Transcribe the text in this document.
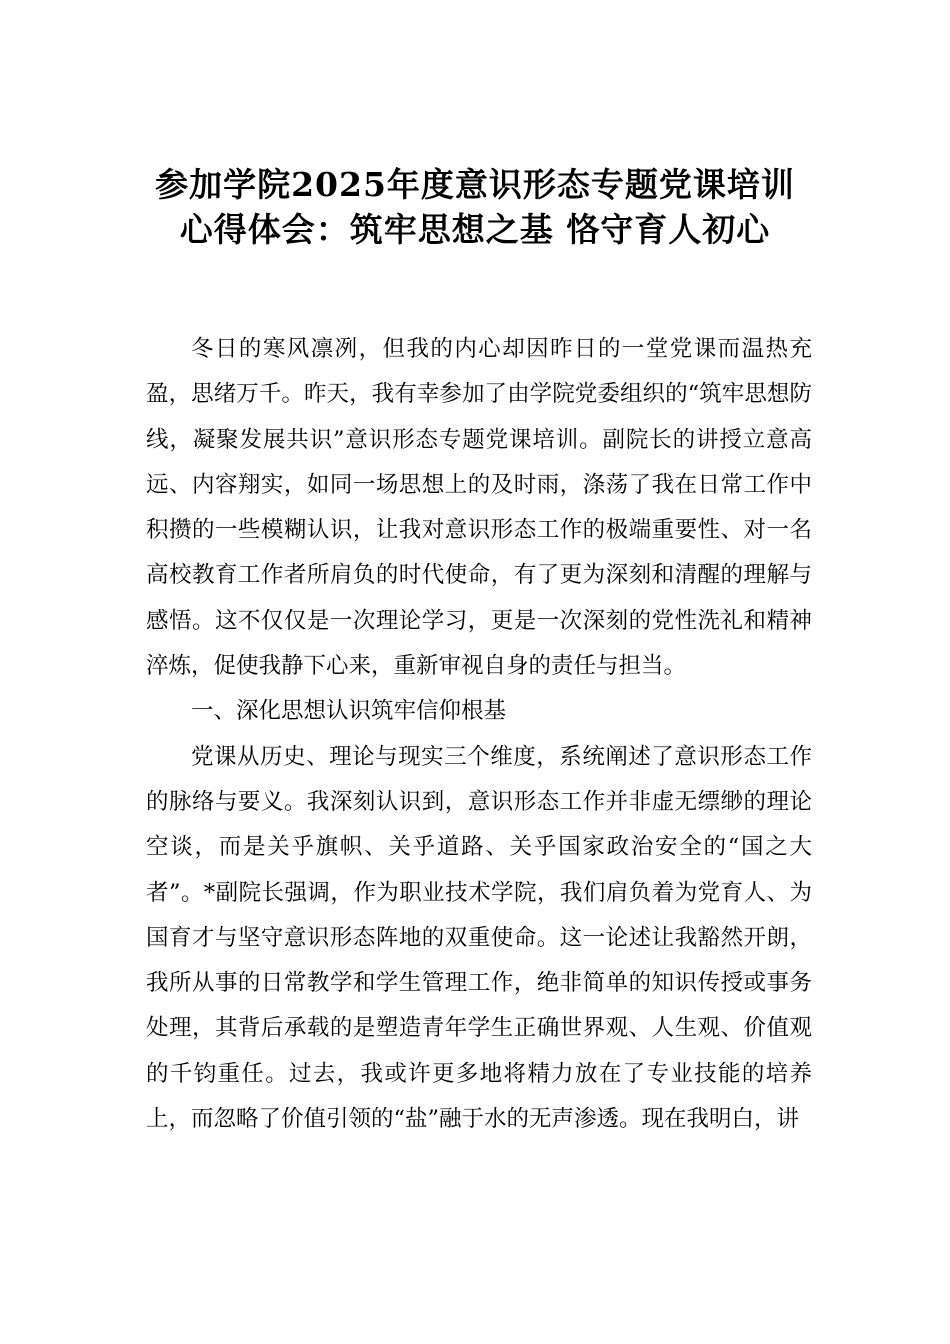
参加学院2025年度意识形态专题党课培训
心得体会：筑牢思想之基 恪守育人初心

冬日的寒风凛冽，但我的内心却因昨日的一堂党课而温热充盈，思绪万千。昨天，我有幸参加了由学院党委组织的“筑牢思想防线，凝聚发展共识”意识形态专题党课培训。副院长的讲授立意高远、内容翔实，如同一场思想上的及时雨，涤荡了我在日常工作中积攒的一些模糊认识，让我对意识形态工作的极端重要性、对一名高校教育工作者所肩负的时代使命，有了更为深刻和清醒的理解与感悟。这不仅仅是一次理论学习，更是一次深刻的党性洗礼和精神淬炼，促使我静下心来，重新审视自身的责任与担当。

一、深化思想认识筑牢信仰根基

党课从历史、理论与现实三个维度，系统阐述了意识形态工作的脉络与要义。我深刻认识到，意识形态工作并非虚无缥缈的理论空谈，而是关乎旗帜、关乎道路、关乎国家政治安全的“国之大者”。*副院长强调，作为职业技术学院，我们肩负着为党育人、为国育才与坚守意识形态阵地的双重使命。这一论述让我豁然开朗，我所从事的日常教学和学生管理工作，绝非简单的知识传授或事务处理，其背后承载的是塑造青年学生正确世界观、人生观、价值观的千钧重任。过去，我或许更多地将精力放在了专业技能的培养上，而忽略了价值引领的“盐”融于水的无声渗透。现在我明白，讲
